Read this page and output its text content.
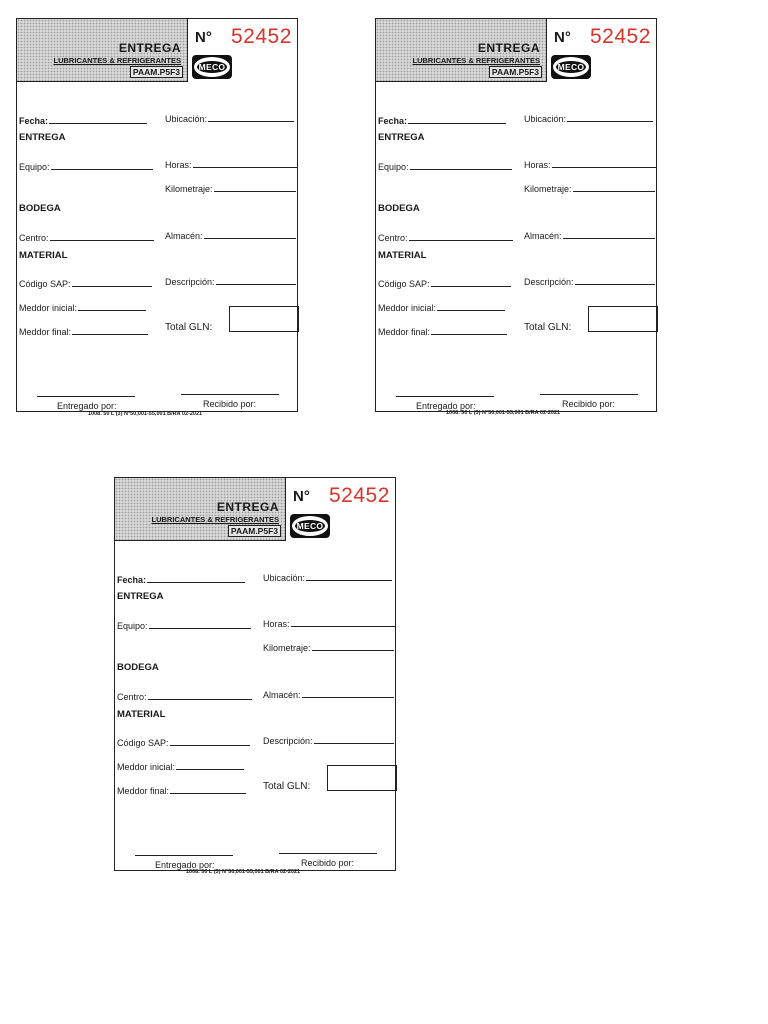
ENTREGA
LUBRICANTES & REFRIGERANTES
PAAM.P5F3
N° 52452
MECO
Fecha:	Ubicación:
ENTREGA
Equipo:	Horas:
Kilometraje:
BODEGA
Centro:	Almacén:
MATERIAL
Código SAP:	Descripción:
Meddor inicial:
Meddor final:	Total GLN:
Entregado por:	Recibido por:
1008. 50 L (3) N°50,001-55,001 B/RA 02-2021
ENTREGA
LUBRICANTES & REFRIGERANTES
PAAM.P5F3
N° 52452
MECO
Fecha:	Ubicación:
ENTREGA
Equipo:	Horas:
Kilometraje:
BODEGA
Centro:	Almacén:
MATERIAL
Código SAP:	Descripción:
Meddor inicial:
Meddor final:	Total GLN:
Entregado por:	Recibido por:
1008. 50 L (3) N°50,001-55,001 B/RA 02-2021
ENTREGA
LUBRICANTES & REFRIGERANTES
PAAM.P5F3
N° 52452
MECO
Fecha:	Ubicación:
ENTREGA
Equipo:	Horas:
Kilometraje:
BODEGA
Centro:	Almacén:
MATERIAL
Código SAP:	Descripción:
Meddor inicial:
Meddor final:	Total GLN:
Entregado por:	Recibido por:
1008. 50 L (3) N°50,001-55,001 B/RA 02-2021
